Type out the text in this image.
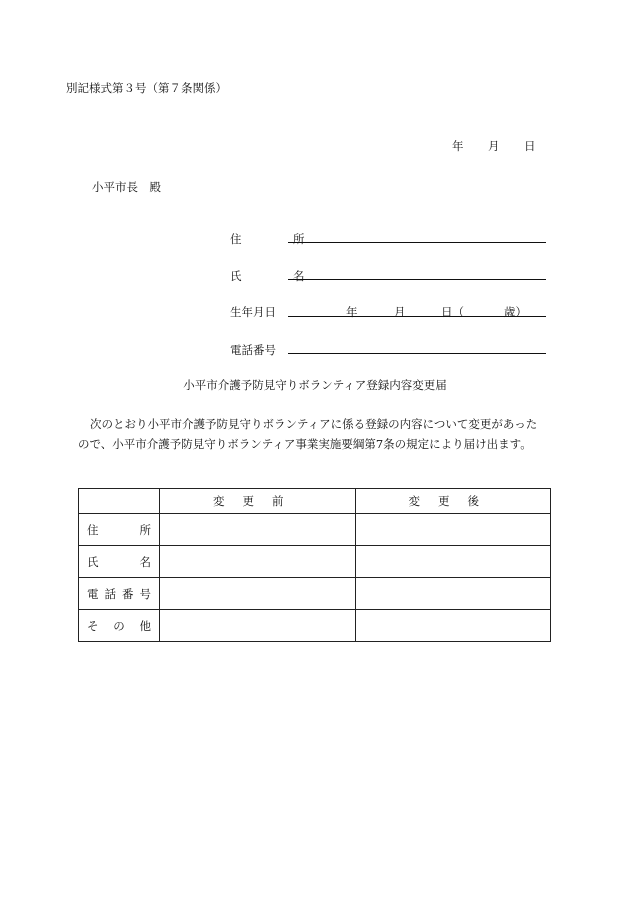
別記様式第３号（第７条関係）
年 月 日
小平市長　殿
住　所
氏　名
生年月日	年	月	日（	歳）
電話番号
小平市介護予防見守りボランティア登録内容変更届

次のとおり小平市介護予防見守りボランティアに係る登録の内容について変更があった

ので、小平市介護予防見守りボランティア事業実施要綱第7条の規定により届け出ます。

	変更前	変更後
住所		
氏名		
電話番号		
その他		
